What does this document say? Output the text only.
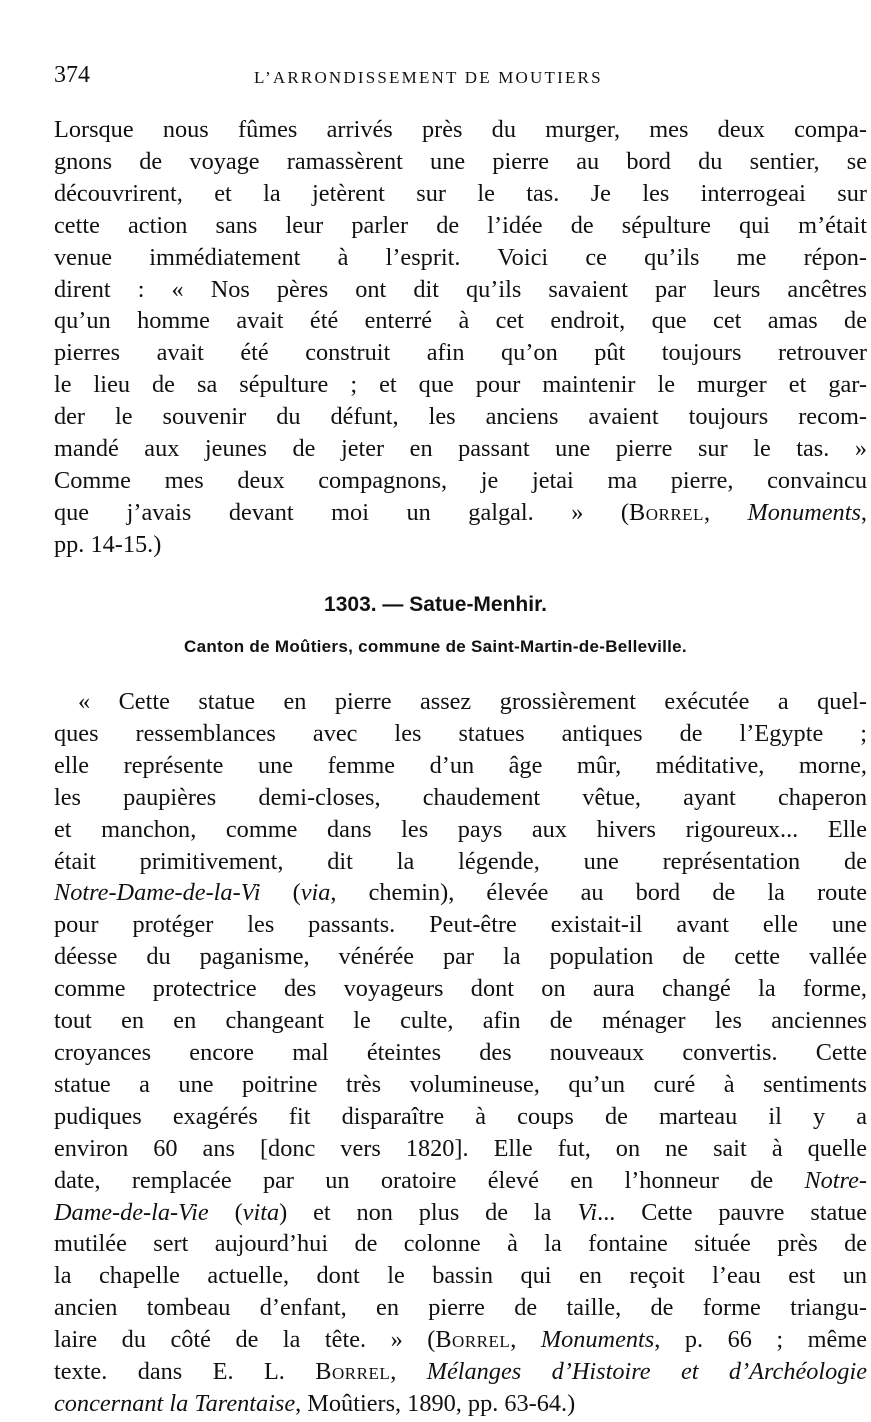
374	L’ARRONDISSEMENT DE MOUTIERS

Lorsque nous fûmes arrivés près du murger, mes deux compa-
gnons de voyage ramassèrent une pierre au bord du sentier, se
découvrirent, et la jetèrent sur le tas. Je les interrogeai sur
cette action sans leur parler de l’idée de sépulture qui m’était
venue immédiatement à l’esprit. Voici ce qu’ils me répon-
dirent : « Nos pères ont dit qu’ils savaient par leurs ancêtres
qu’un homme avait été enterré à cet endroit, que cet amas de
pierres avait été construit afin qu’on pût toujours retrouver
le lieu de sa sépulture ; et que pour maintenir le murger et gar-
der le souvenir du défunt, les anciens avaient toujours recom-
mandé aux jeunes de jeter en passant une pierre sur le tas. »
Comme mes deux compagnons, je jetai ma pierre, convaincu
que j’avais devant moi un galgal. » (Borrel, Monuments,
pp. 14-15.)

1303. — Satue-Menhir.
Canton de Moûtiers, commune de Saint-Martin-de-Belleville.

« Cette statue en pierre assez grossièrement exécutée a quel-
ques ressemblances avec les statues antiques de l’Egypte ;
elle représente une femme d’un âge mûr, méditative, morne,
les paupières demi-closes, chaudement vêtue, ayant chaperon
et manchon, comme dans les pays aux hivers rigoureux... Elle
était primitivement, dit la légende, une représentation de
Notre-Dame-de-la-Vi (via, chemin), élevée au bord de la route
pour protéger les passants. Peut-être existait-il avant elle une
déesse du paganisme, vénérée par la population de cette vallée
comme protectrice des voyageurs dont on aura changé la forme,
tout en en changeant le culte, afin de ménager les anciennes
croyances encore mal éteintes des nouveaux convertis. Cette
statue a une poitrine très volumineuse, qu’un curé à sentiments
pudiques exagérés fit disparaître à coups de marteau il y a
environ 60 ans [donc vers 1820]. Elle fut, on ne sait à quelle
date, remplacée par un oratoire élevé en l’honneur de Notre-
Dame-de-la-Vie (vita) et non plus de la Vi... Cette pauvre statue
mutilée sert aujourd’hui de colonne à la fontaine située près de
la chapelle actuelle, dont le bassin qui en reçoit l’eau est un
ancien tombeau d’enfant, en pierre de taille, de forme triangu-
laire du côté de la tête. » (Borrel, Monuments, p. 66 ; même
texte. dans E. L. Borrel, Mélanges d’Histoire et d’Archéologie
concernant la Tarentaise, Moûtiers, 1890, pp. 63-64.)
